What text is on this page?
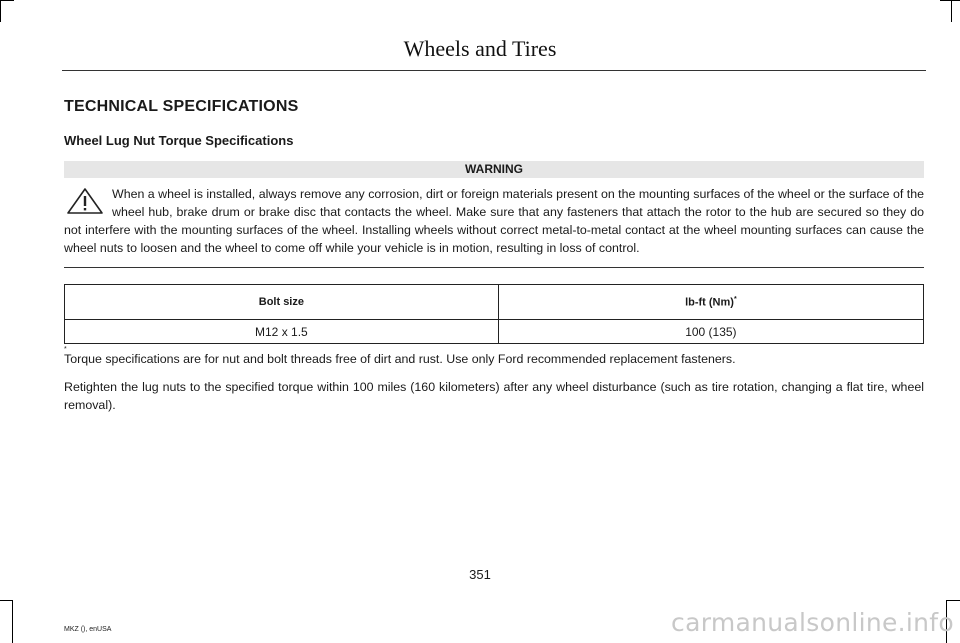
Wheels and Tires
TECHNICAL SPECIFICATIONS
Wheel Lug Nut Torque Specifications
WARNING
When a wheel is installed, always remove any corrosion, dirt or foreign materials present on the mounting surfaces of the wheel or the surface of the wheel hub, brake drum or brake disc that contacts the wheel. Make sure that any fasteners that attach the rotor to the hub are secured so they do not interfere with the mounting surfaces of the wheel. Installing wheels without correct metal-to-metal contact at the wheel mounting surfaces can cause the wheel nuts to loosen and the wheel to come off while your vehicle is in motion, resulting in loss of control.
Bolt size	lb-ft (Nm)*
M12 x 1.5	100 (135)
*
Torque specifications are for nut and bolt threads free of dirt and rust. Use only Ford recommended replacement fasteners.
Retighten the lug nuts to the specified torque within 100 miles (160 kilometers) after any wheel disturbance (such as tire rotation, changing a flat tire, wheel removal).
351
MKZ (), enUSA	carmanualsonline.info
